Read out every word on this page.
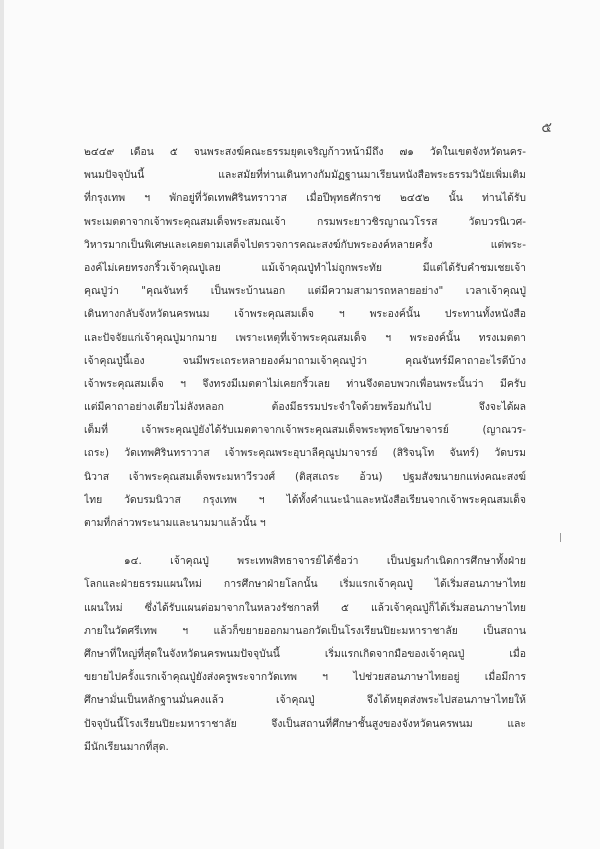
๕
๒๔๔๙ เดือน ๕ จนพระสงฆ์คณะธรรมยุตเจริญก้าวหน้ามีถึง ๗๑ วัดในเขตจังหวัดนคร-
พนมปัจจุบันนี้ และสมัยที่ท่านเดินทางกัมมัฏฐานมาเรียนหนังสือพระธรรมวินัยเพิ่มเติม
ที่กรุงเทพ ฯ พักอยู่ที่วัดเทพศิรินทราวาส เมื่อปีพุทธศักราช ๒๔๕๒ นั้น ท่านได้รับ
พระเมตตาจากเจ้าพระคุณสมเด็จพระสมณเจ้า กรมพระยาวชิรญาณวโรรส วัดบวรนิเวศ-
วิหารมากเป็นพิเศษและเคยตามเสด็จไปตรวจการคณะสงฆ์กับพระองค์หลายครั้ง แต่พระ-
องค์ไม่เคยทรงกริ้วเจ้าคุณปู่เลย แม้เจ้าคุณปู่ทำไม่ถูกพระทัย มีแต่ได้รับคำชมเชยเจ้า
คุณปู่ว่า "คุณจันทร์ เป็นพระบ้านนอก แต่มีความสามารถหลายอย่าง" เวลาเจ้าคุณปู่
เดินทางกลับจังหวัดนครพนม เจ้าพระคุณสมเด็จ ฯ พระองค์นั้น ประทานทั้งหนังสือ
และปัจจัยแก่เจ้าคุณปู่มากมาย เพราะเหตุที่เจ้าพระคุณสมเด็จ ฯ พระองค์นั้น ทรงเมตตา
เจ้าคุณปู่นี้เอง จนมีพระเถระหลายองค์มาถามเจ้าคุณปู่ว่า คุณจันทร์มีคาถาอะไรดีบ้าง
เจ้าพระคุณสมเด็จ ฯ จึงทรงมีเมตตาไม่เคยกริ้วเลย ท่านจึงตอบพวกเพื่อนพระนั้นว่า มีครับ
แต่มีคาถาอย่างเดียวไม่ลังหลอก ต้องมีธรรมประจำใจด้วยพร้อมกันไป จึงจะได้ผล
เต็มที่ เจ้าพระคุณปู่ยังได้รับเมตตาจากเจ้าพระคุณสมเด็จพระพุทธโฆษาจารย์ (ญาณวร-
เถระ) วัดเทพศิรินทราวาส เจ้าพระคุณพระอุบาลีคุณูปมาจารย์ (สิริจนฺโท จันทร์) วัดบรม
นิวาส เจ้าพระคุณสมเด็จพระมหาวีรวงศ์ (ติสฺสเถระ อ้วน) ปฐมสังฆนายกแห่งคณะสงฆ์
ไทย วัดบรมนิวาส กรุงเทพ ฯ ได้ทั้งคำแนะนำและหนังสือเรียนจากเจ้าพระคุณสมเด็จ
ตามที่กล่าวพระนามและนามมาแล้วนั้น ฯ
๑๔. เจ้าคุณปู่ พระเทพสิทธาจารย์ได้ชื่อว่า เป็นปฐมกำเนิดการศึกษาทั้งฝ่าย
โลกและฝ่ายธรรมแผนใหม่ การศึกษาฝ่ายโลกนั้น เริ่มแรกเจ้าคุณปู่ ได้เริ่มสอนภาษาไทย
แผนใหม่ ซึ่งได้รับแผนต่อมาจากในหลวงรัชกาลที่ ๕ แล้วเจ้าคุณปู่ก็ได้เริ่มสอนภาษาไทย
ภายในวัดศรีเทพ ฯ แล้วก็ขยายออกมานอกวัดเป็นโรงเรียนปิยะมหาราชาลัย เป็นสถาน
ศึกษาที่ใหญ่ที่สุดในจังหวัดนครพนมปัจจุบันนี้ เริ่มแรกเกิดจากมือของเจ้าคุณปู่ เมื่อ
ขยายไปครั้งแรกเจ้าคุณปู่ยังส่งครูพระจากวัดเทพ ฯ ไปช่วยสอนภาษาไทยอยู่ เมื่อมีการ
ศึกษามั่นเป็นหลักฐานมั่นคงแล้ว เจ้าคุณปู่ จึงได้หยุดส่งพระไปสอนภาษาไทยให้
ปัจจุบันนี้โรงเรียนปิยะมหาราชาลัย จึงเป็นสถานที่ศึกษาชั้นสูงของจังหวัดนครพนม และ
มีนักเรียนมากที่สุด.
